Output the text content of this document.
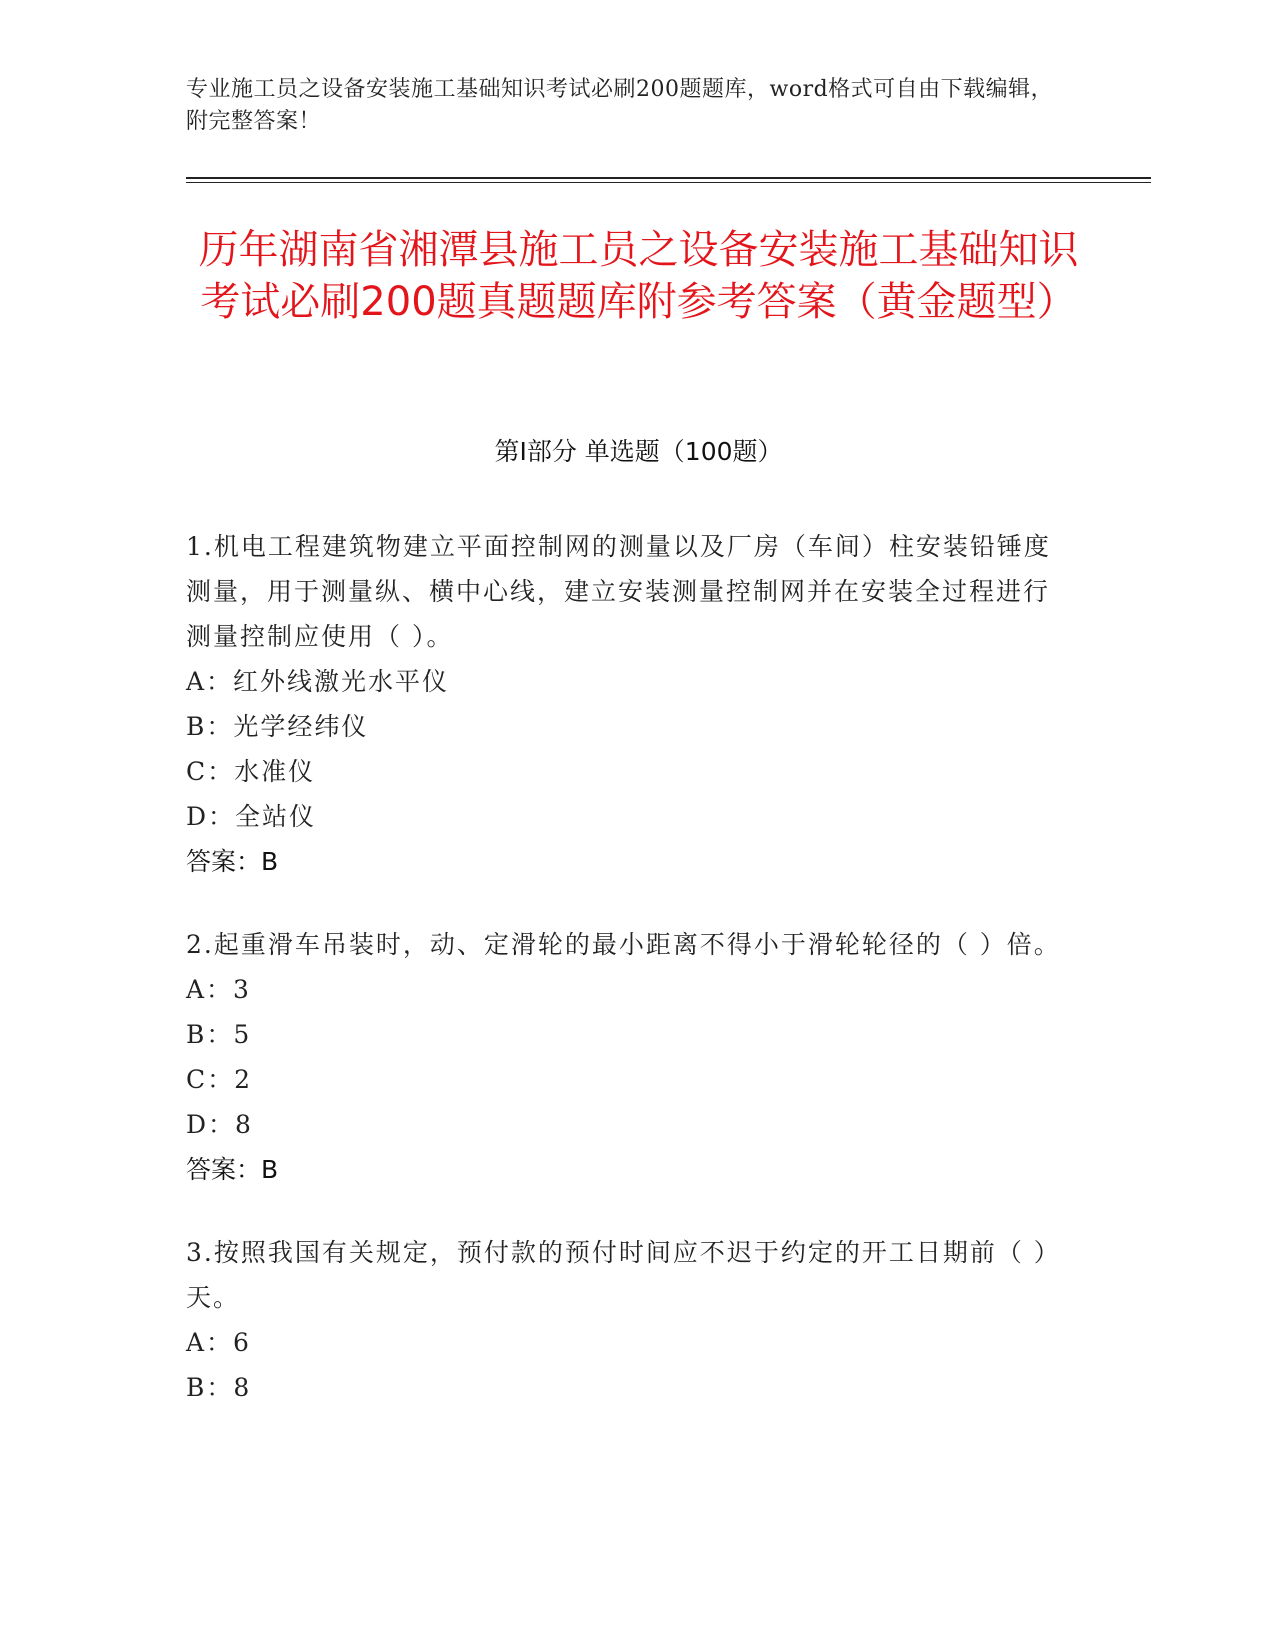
专业施工员之设备安装施工基础知识考试必刷200题题库，word格式可自由下载编辑，附完整答案！
历年湖南省湘潭县施工员之设备安装施工基础知识考试必刷200题真题题库附参考答案（黄金题型）
第Ⅰ部分 单选题（100题）

1.机电工程建筑物建立平面控制网的测量以及厂房（车间）柱安装铅锤度测量，用于测量纵、横中心线，建立安装测量控制网并在安装全过程进行测量控制应使用（ ）。

A：红外线激光水平仪

B：光学经纬仪

C：水准仪

D：全站仪

答案：B

2.起重滑车吊装时，动、定滑轮的最小距离不得小于滑轮轮径的（ ）倍。

A：3

B：5

C：2

D：8

答案：B

3.按照我国有关规定，预付款的预付时间应不迟于约定的开工日期前（ ）天。

A：6

B：8
